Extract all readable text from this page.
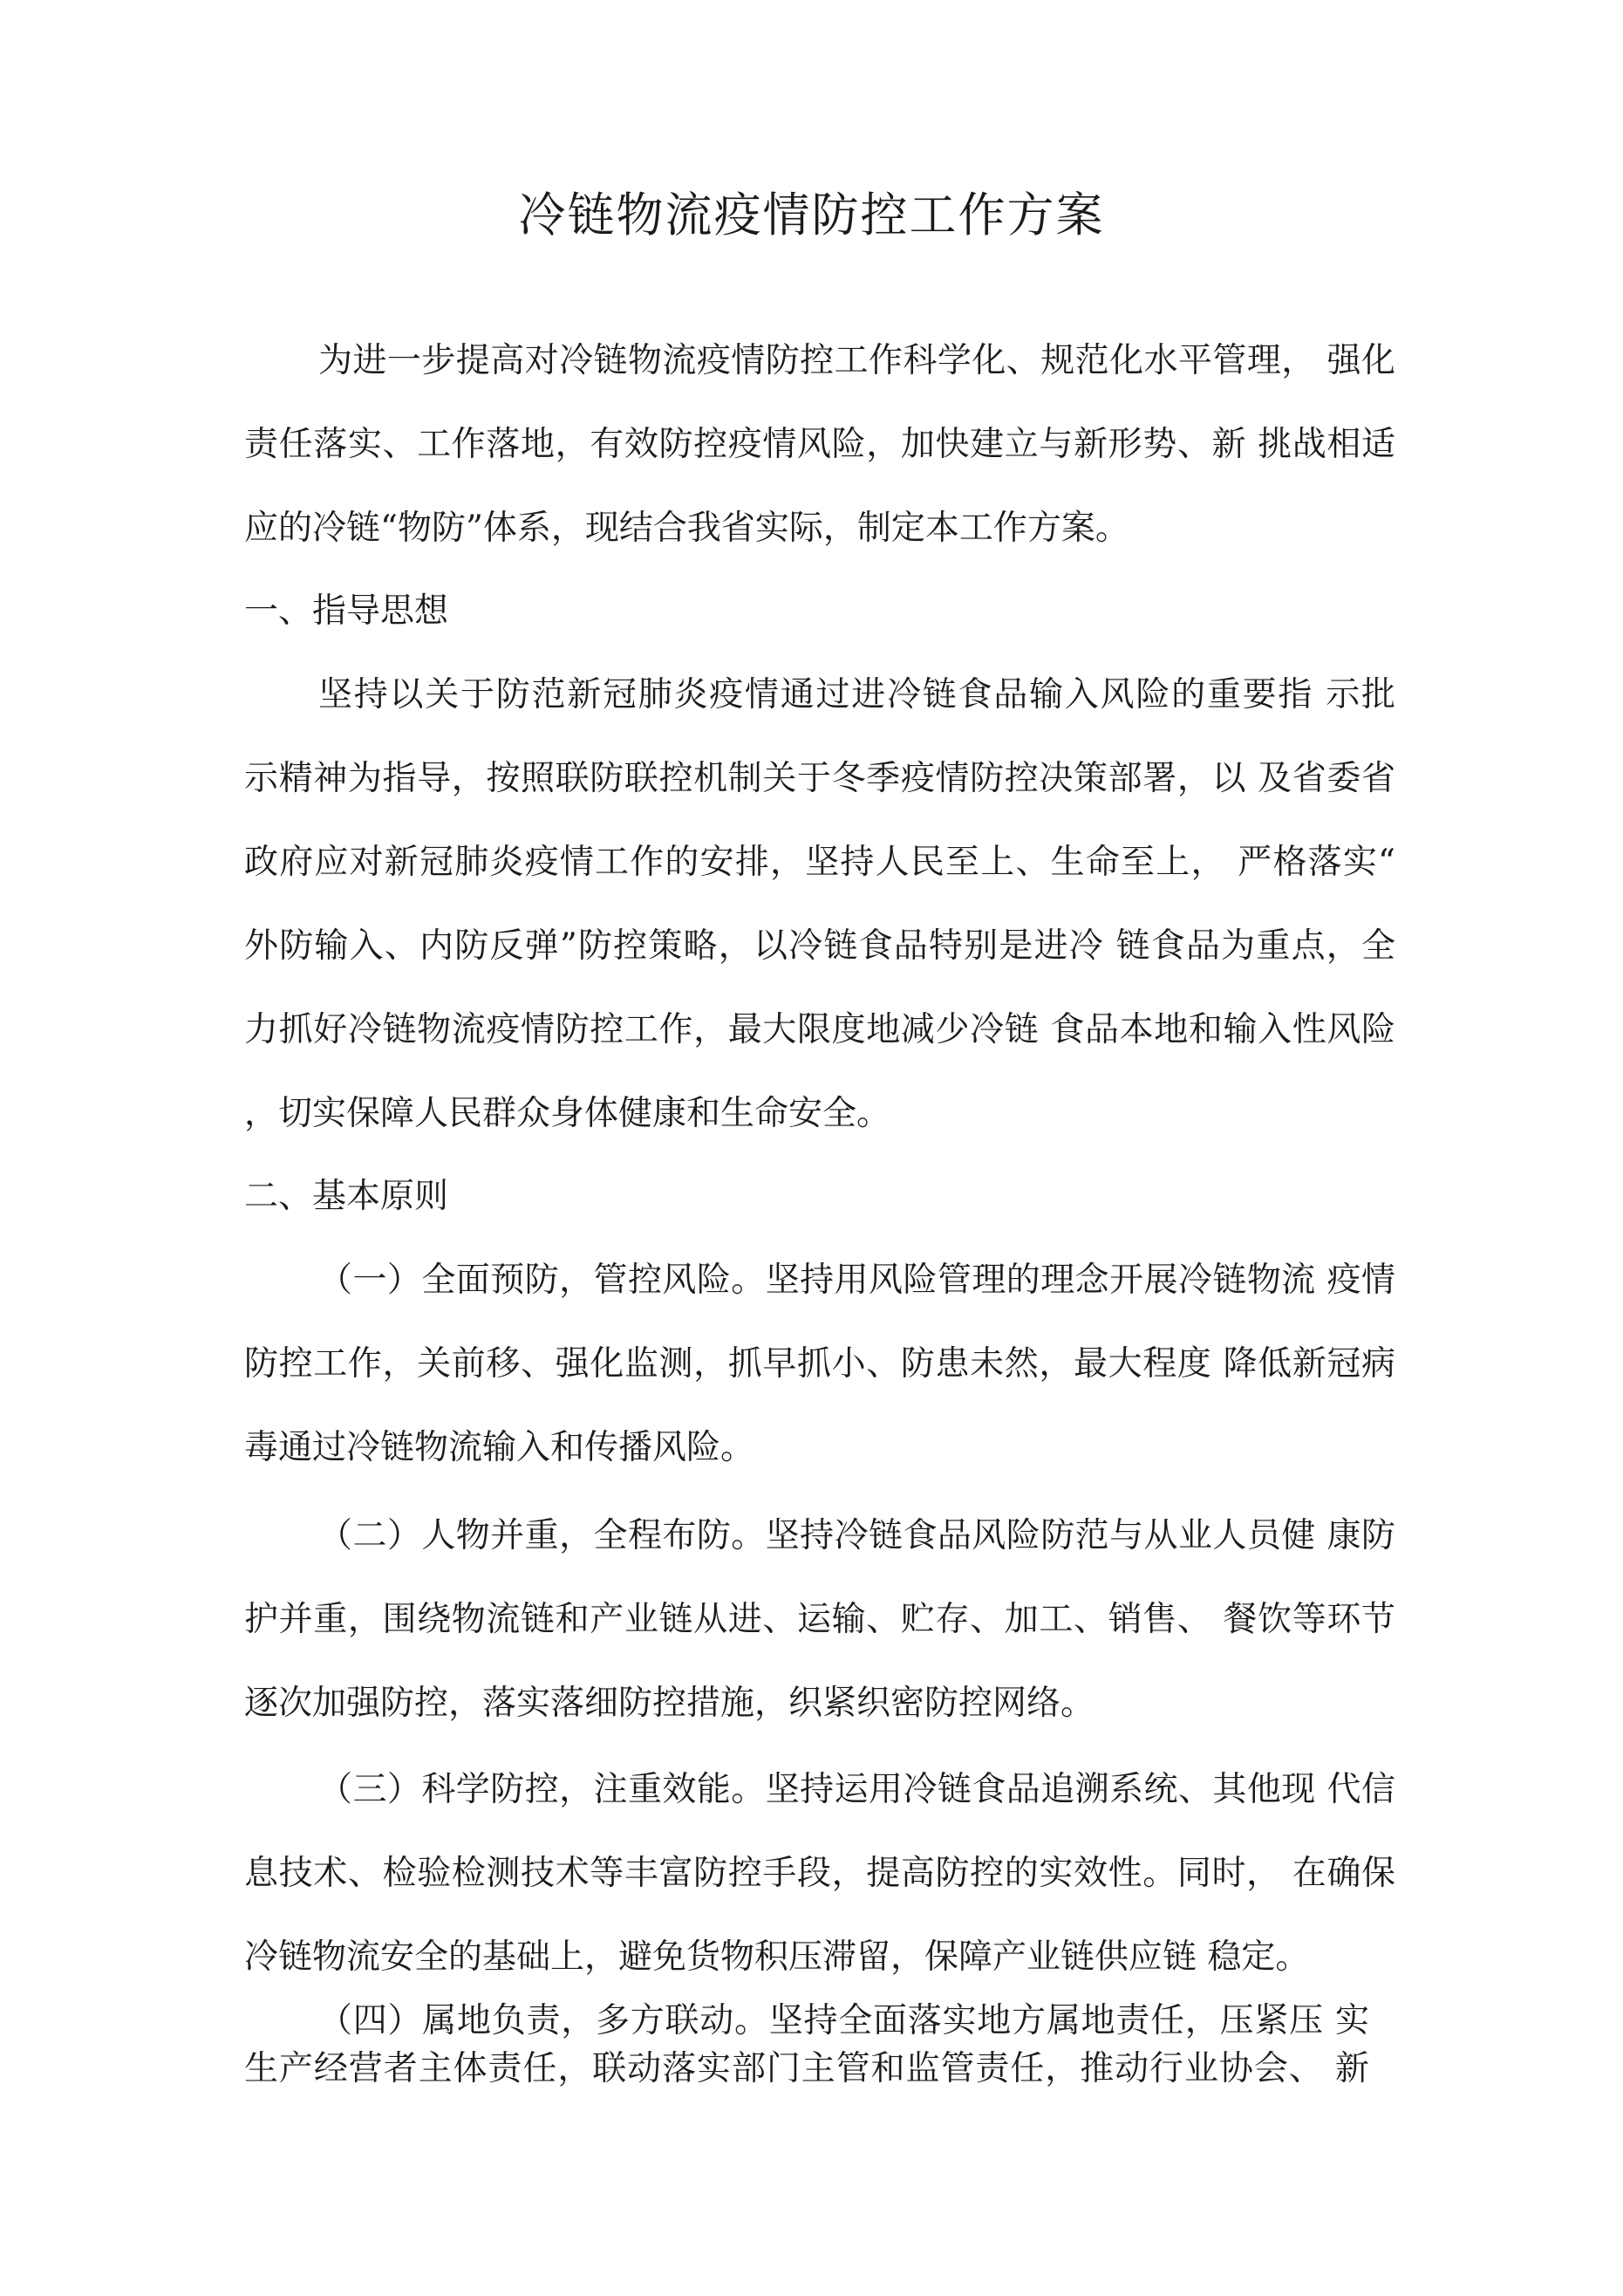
冷链物流疫情防控工作方案
为进一步提高对冷链物流疫情防控工作科学化、规范化水平管理， 强化
责任落实、工作落地，有效防控疫情风险，加快建立与新形势、新 挑战相适
应的冷链“物防”体系，现结合我省实际，制定本工作方案。
一、指导思想
坚持以关于防范新冠肺炎疫情通过进冷链食品输入风险的重要指 示批
示精神为指导，按照联防联控机制关于冬季疫情防控决策部署，以 及省委省
政府应对新冠肺炎疫情工作的安排，坚持人民至上、生命至上， 严格落实“
外防输入、内防反弹”防控策略，以冷链食品特别是进冷 链食品为重点，全
力抓好冷链物流疫情防控工作，最大限度地减少冷链 食品本地和输入性风险
，切实保障人民群众身体健康和生命安全。
二、基本原则
（一）全面预防，管控风险。坚持用风险管理的理念开展冷链物流 疫情
防控工作，关前移、强化监测，抓早抓小、防患未然，最大程度 降低新冠病
毒通过冷链物流输入和传播风险。
（二）人物并重，全程布防。坚持冷链食品风险防范与从业人员健 康防
护并重，围绕物流链和产业链从进、运输、贮存、加工、销售、 餐饮等环节
逐次加强防控，落实落细防控措施，织紧织密防控网络。
（三）科学防控，注重效能。坚持运用冷链食品追溯系统、其他现 代信
息技术、检验检测技术等丰富防控手段，提高防控的实效性。同时， 在确保
冷链物流安全的基础上，避免货物积压滞留，保障产业链供应链 稳定。
（四）属地负责，多方联动。坚持全面落实地方属地责任，压紧压 实
生产经营者主体责任，联动落实部门主管和监管责任，推动行业协会、 新
